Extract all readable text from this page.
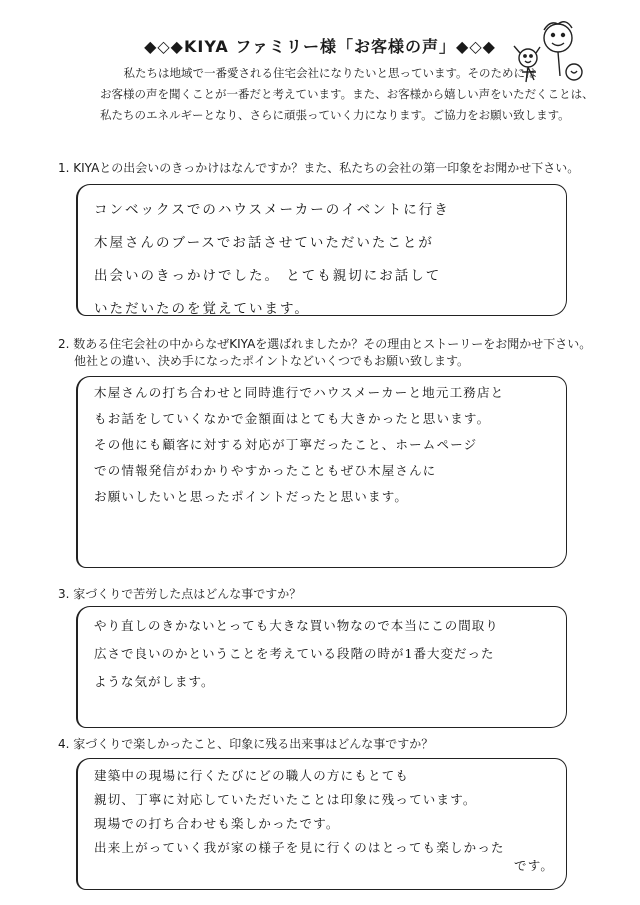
◆◇◆KIYA ファミリー様「お客様の声」◆◇◆
私たちは地域で一番愛される住宅会社になりたいと思っています。そのためには
お客様の声を聞くことが一番だと考えています。また、お客様から嬉しい声をいただくことは、
私たちのエネルギーとなり、さらに頑張っていく力になります。ご協力をお願い致します。
1. KIYAとの出会いのきっかけはなんですか？また、私たちの会社の第一印象をお聞かせ下さい。
コンベックスでのハウスメーカーのイベントに行き
木屋さんのブースでお話させていただいたことが
出会いのきっかけでした。 とても親切にお話して
いただいたのを覚えています。
2. 数ある住宅会社の中からなぜKIYAを選ばれましたか？その理由とストーリーをお聞かせ下さい。
他社との違い、決め手になったポイントなどいくつでもお願い致します。
木屋さんの打ち合わせと同時進行でハウスメーカーと地元工務店と
もお話をしていくなかで金額面はとても大きかったと思います。
その他にも顧客に対する対応が丁寧だったこと、ホームページ
での情報発信がわかりやすかったこともぜひ木屋さんに
お願いしたいと思ったポイントだったと思います。
3. 家づくりで苦労した点はどんな事ですか？
やり直しのきかないとっても大きな買い物なので本当にこの間取り
広さで良いのかということを考えている段階の時が1番大変だった
ような気がします。
4. 家づくりで楽しかったこと、印象に残る出来事はどんな事ですか？
建築中の現場に行くたびにどの職人の方にもとても
親切、丁寧に対応していただいたことは印象に残っています。
現場での打ち合わせも楽しかったです。
出来上がっていく我が家の様子を見に行くのはとっても楽しかった
です。
